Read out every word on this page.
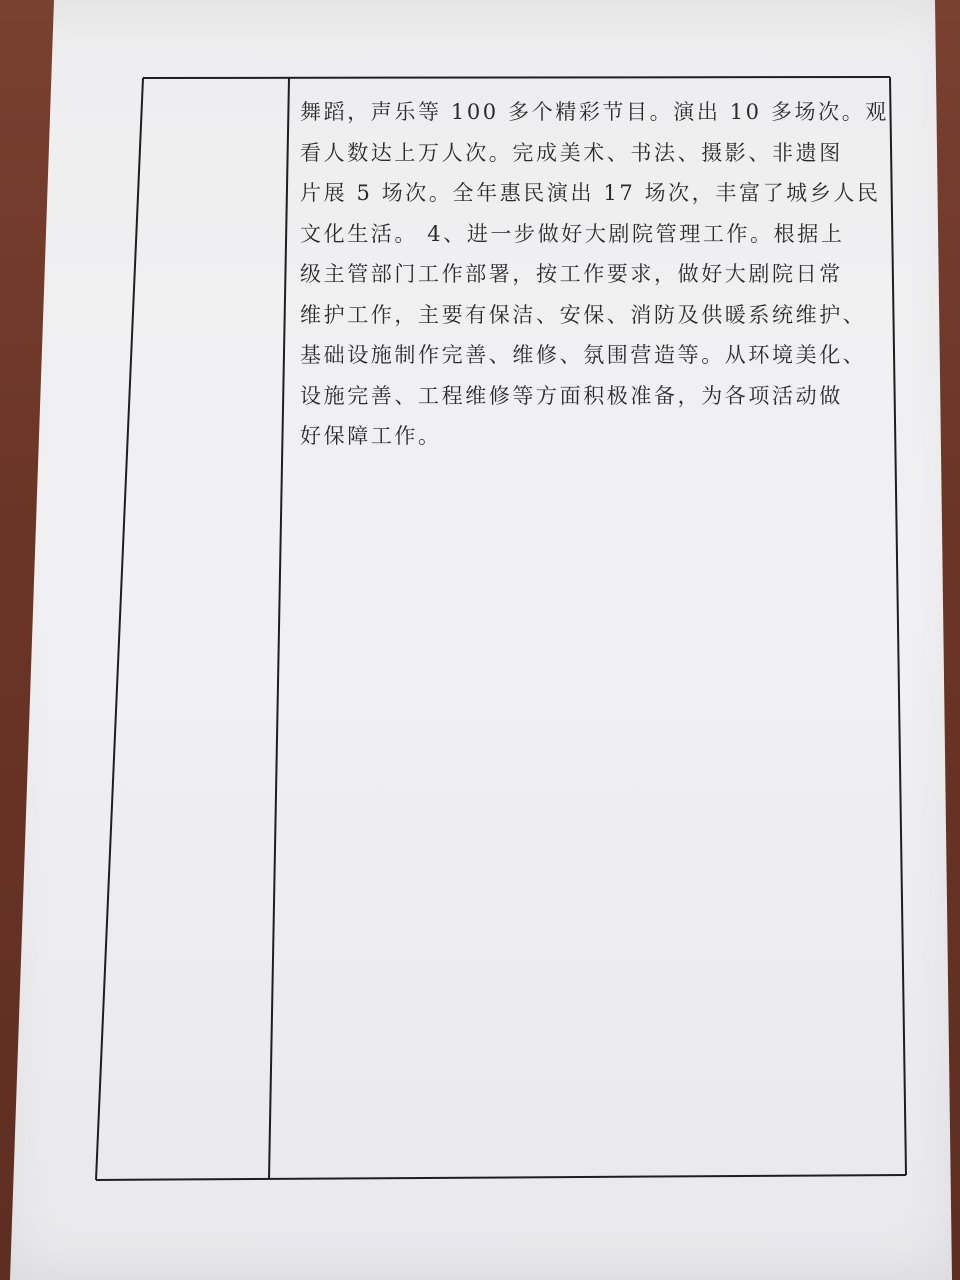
舞蹈，声乐等 100 多个精彩节目。演出 10 多场次。观
看人数达上万人次。完成美术、书法、摄影、非遗图
片展 5 场次。全年惠民演出 17 场次，丰富了城乡人民
文化生活。 4、进一步做好大剧院管理工作。根据上
级主管部门工作部署，按工作要求，做好大剧院日常
维护工作，主要有保洁、安保、消防及供暖系统维护、
基础设施制作完善、维修、氛围营造等。从环境美化、
设施完善、工程维修等方面积极准备，为各项活动做
好保障工作。
